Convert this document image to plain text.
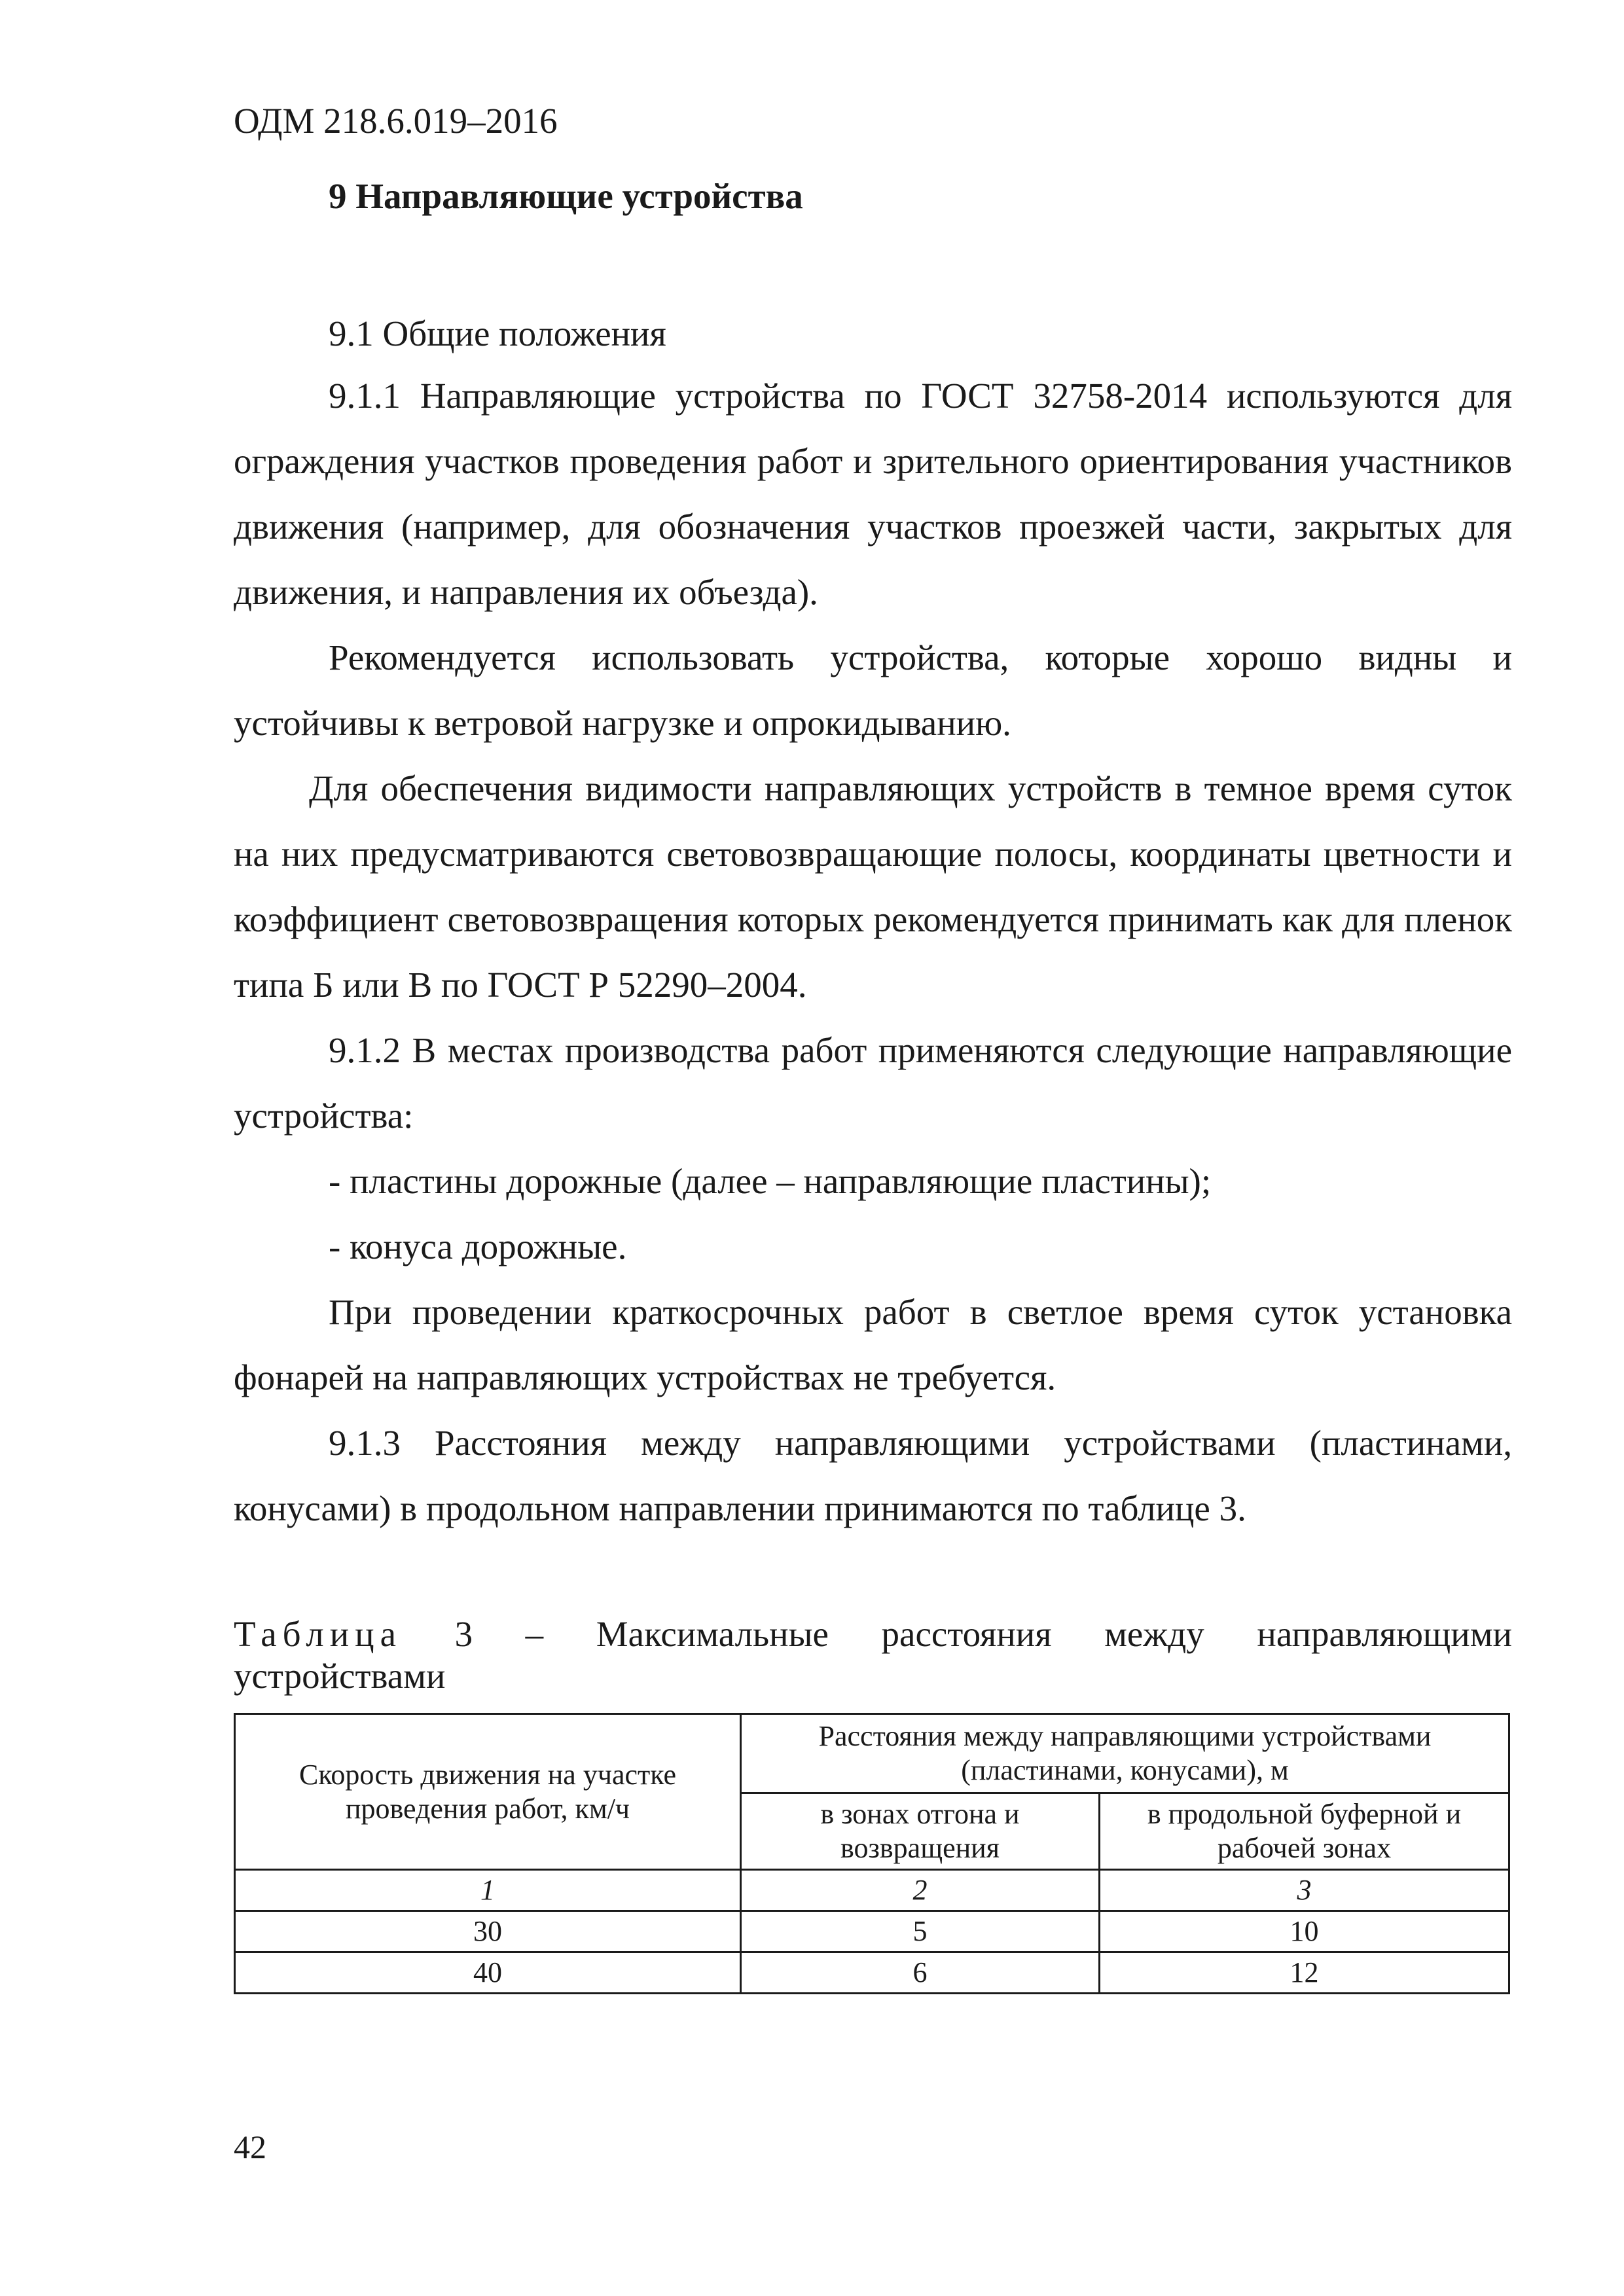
ОДМ 218.6.019–2016
9 Направляющие устройства
9.1 Общие положения

9.1.1 Направляющие устройства по ГОСТ 32758-2014 используются для ограждения участков проведения работ и зрительного ориентирования участников движения (например, для обозначения участков проезжей части, закрытых для движения, и направления их объезда).

Рекомендуется использовать устройства, которые хорошо видны и устойчивы к ветровой нагрузке и опрокидыванию.

Для обеспечения видимости направляющих устройств в темное время суток на них предусматриваются световозвращающие полосы, координаты цветности и коэффициент световозвращения которых рекомендуется принимать как для пленок типа Б или В по ГОСТ Р 52290–2004.

9.1.2 В местах производства работ применяются следующие направляющие устройства:

- пластины дорожные (далее – направляющие пластины);

- конуса дорожные.

При проведении краткосрочных работ в светлое время суток установка фонарей на направляющих устройствах не требуется.

9.1.3 Расстояния между направляющими устройствами (пластинами, конусами) в продольном направлении принимаются по таблице 3.

Таблица 3 – Максимальные расстояния между направляющими
устройствами
Скорость движения на участке проведения работ, км/ч	Расстояния между направляющими устройствами (пластинами, конусами), м	
	в зонах отгона и возвращения	в продольной буферной и рабочей зонах
1	2	3
30	5	10
40	6	12
42
